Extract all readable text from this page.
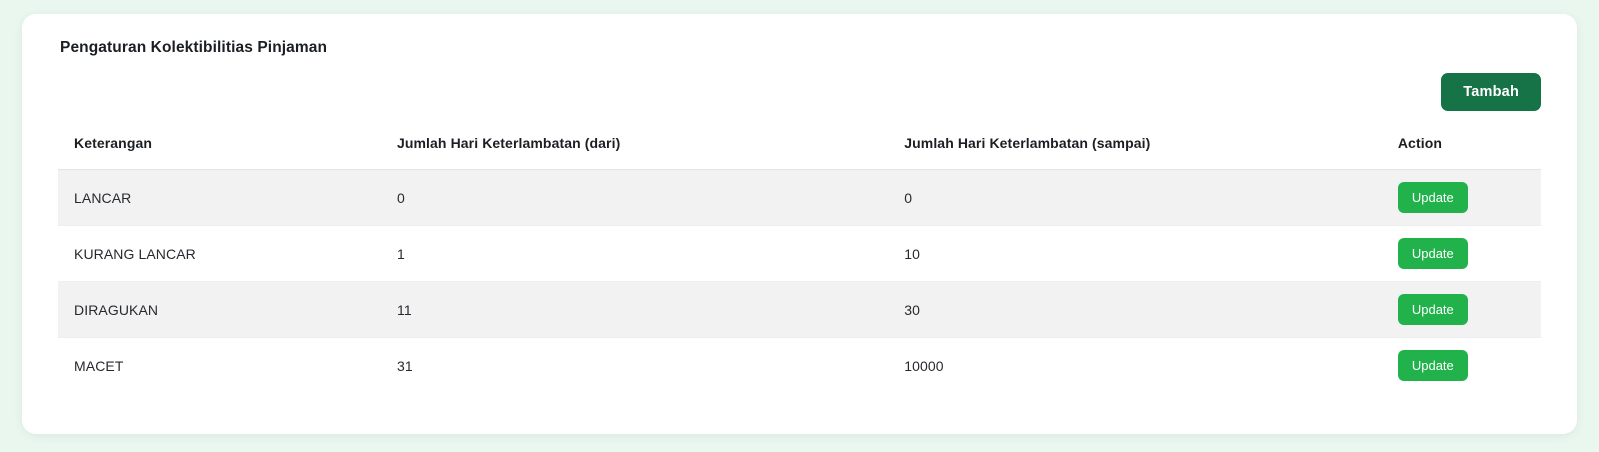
Pengaturan Kolektibilitias Pinjaman
Tambah
Keterangan	Jumlah Hari Keterlambatan (dari)	Jumlah Hari Keterlambatan (sampai)	Action
LANCAR	0	0	Update
KURANG LANCAR	1	10	Update
DIRAGUKAN	11	30	Update
MACET	31	10000	Update
